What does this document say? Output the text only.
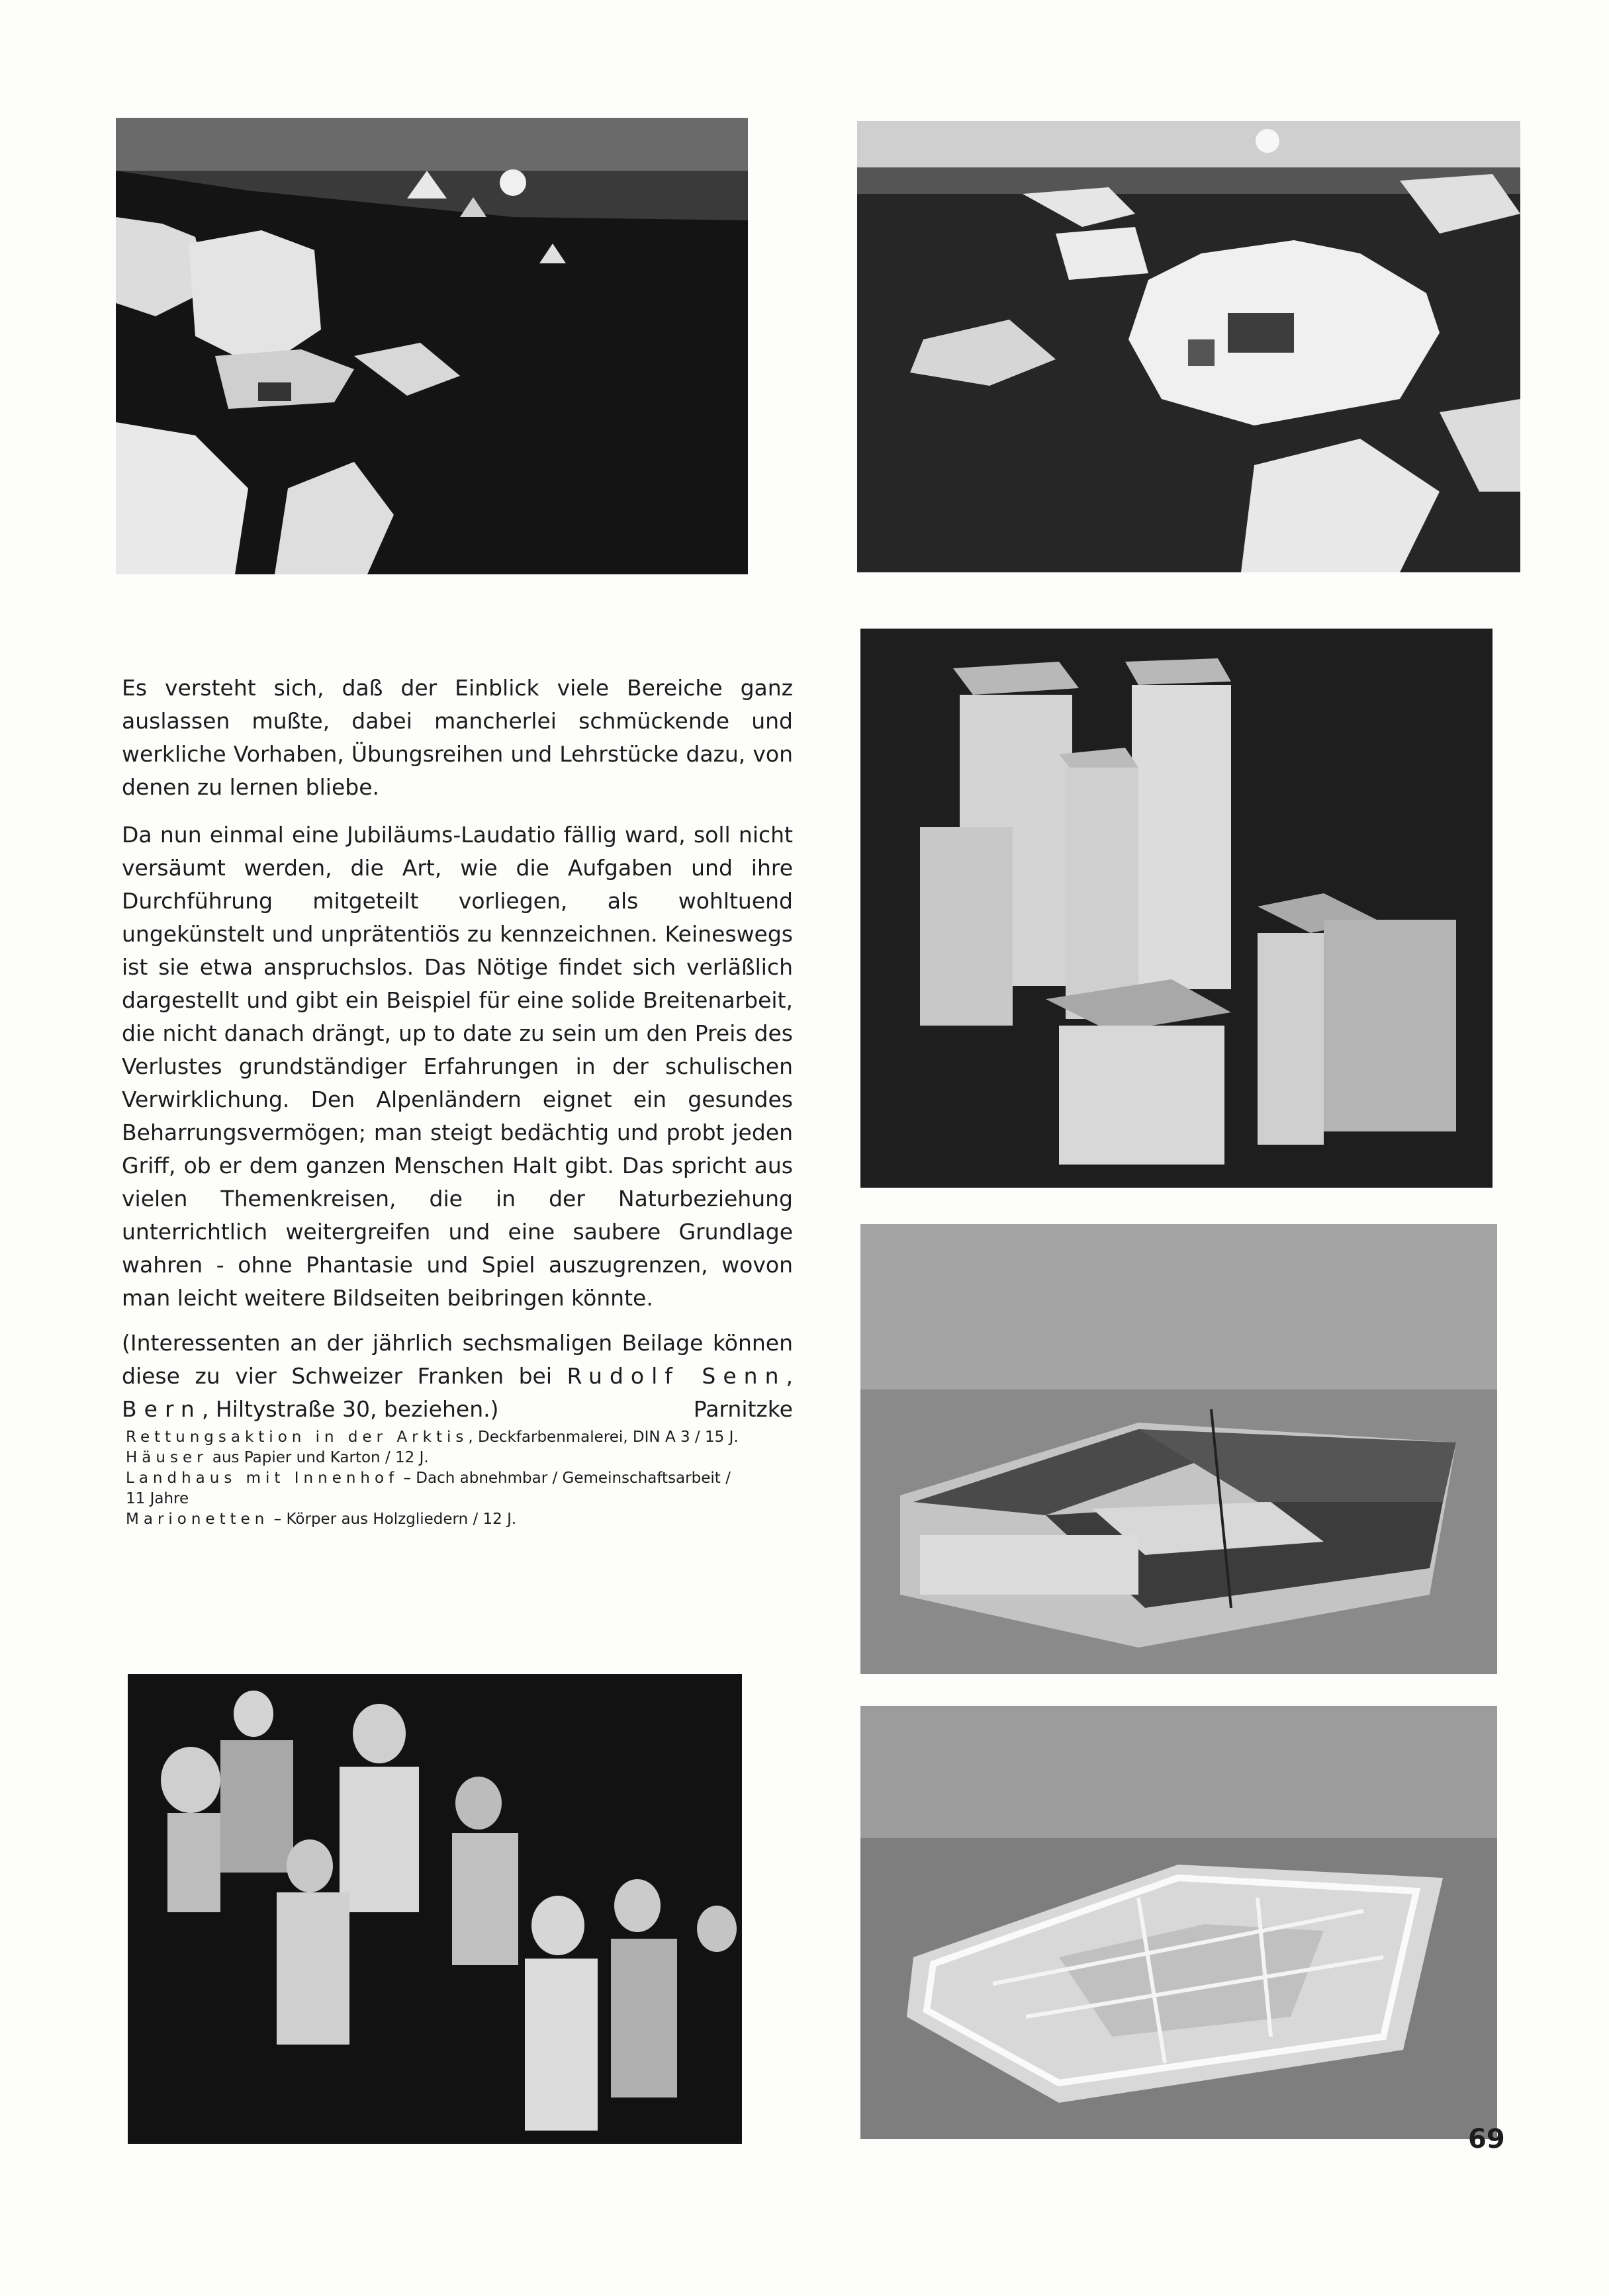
Es versteht sich, daß der Einblick viele Bereiche ganz auslassen mußte, dabei mancherlei schmückende und werkliche Vorhaben, Übungsreihen und Lehrstücke dazu, von denen zu lernen bliebe.

Da nun einmal eine Jubiläums-Laudatio fällig ward, soll nicht versäumt werden, die Art, wie die Aufgaben und ihre Durchführung mitgeteilt vorliegen, als wohltuend ungekünstelt und unprätentiös zu kennzeichnen. Keineswegs ist sie etwa anspruchslos. Das Nötige findet sich verläßlich dargestellt und gibt ein Beispiel für eine solide Breitenarbeit, die nicht danach drängt, up to date zu sein um den Preis des Verlustes grundständiger Erfahrungen in der schulischen Verwirklichung. Den Alpenländern eignet ein gesundes Beharrungsvermögen; man steigt bedächtig und probt jeden Griff, ob er dem ganzen Menschen Halt gibt. Das spricht aus vielen Themenkreisen, die in der Naturbeziehung unterrichtlich weitergreifen und eine saubere Grundlage wahren - ohne Phantasie und Spiel auszugrenzen, wovon man leicht weitere Bildseiten beibringen könnte.

(Interessenten an der jährlich sechsmaligen Beilage können diese zu vier Schweizer Franken bei Rudolf Senn, Bern, Hiltystraße 30, beziehen.)	Parnitzke

Rettungsaktion in der Arktis, Deckfarbenmalerei, DIN A 3 / 15 J.
Häuser aus Papier und Karton / 12 J.
Landhaus mit Innenhof – Dach abnehmbar / Gemeinschaftsarbeit /
11 Jahre
Marionetten – Körper aus Holzgliedern / 12 J.
69
